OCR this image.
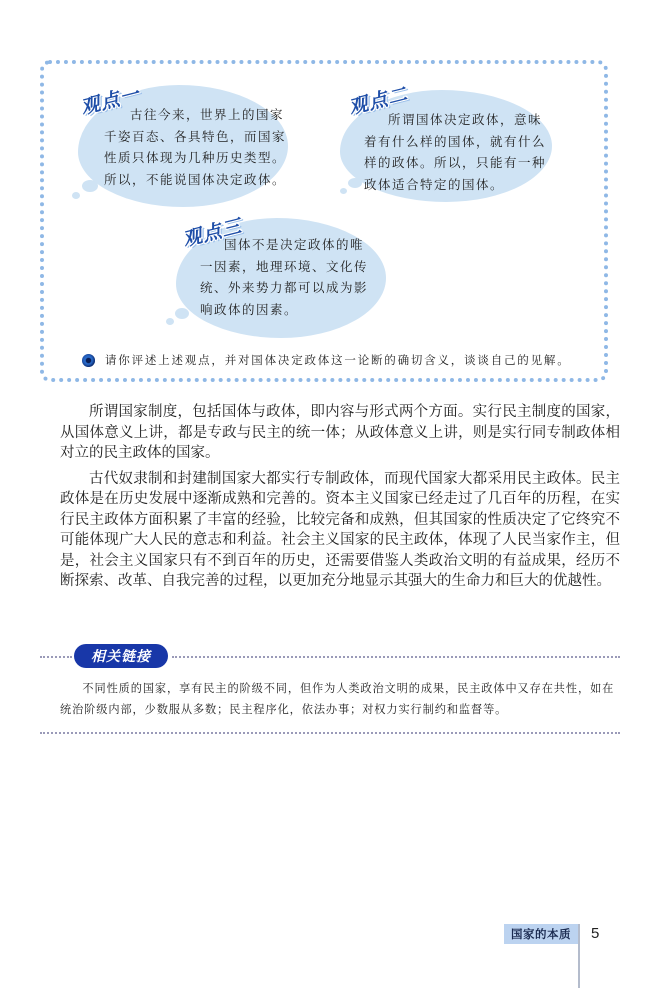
观点一
古往今来，世界上的国家
千姿百态、各具特色，而国家
性质只体现为几种历史类型。
所以，不能说国体决定政体。
观点二
所谓国体决定政体，意味
着有什么样的国体，就有什么
样的政体。所以，只能有一种
政体适合特定的国体。
观点三
国体不是决定政体的唯
一因素，地理环境、文化传
统、外来势力都可以成为影
响政体的因素。
请你评述上述观点，并对国体决定政体这一论断的确切含义，谈谈自己的见解。

所谓国家制度，包括国体与政体，即内容与形式两个方面。实行民主制度的国家，从国体意义上讲，都是专政与民主的统一体；从政体意义上讲，则是实行同专制政体相对立的民主政体的国家。

古代奴隶制和封建制国家大都实行专制政体，而现代国家大都采用民主政体。民主政体是在历史发展中逐渐成熟和完善的。资本主义国家已经走过了几百年的历程，在实行民主政体方面积累了丰富的经验，比较完备和成熟，但其国家的性质决定了它终究不可能体现广大人民的意志和利益。社会主义国家的民主政体，体现了人民当家作主，但是，社会主义国家只有不到百年的历史，还需要借鉴人类政治文明的有益成果，经历不断探索、改革、自我完善的过程，以更加充分地显示其强大的生命力和巨大的优越性。

相关链接

不同性质的国家，享有民主的阶级不同，但作为人类政治文明的成果，民主政体中又存在共性，如在统治阶级内部，少数服从多数；民主程序化，依法办事；对权力实行制约和监督等。

国家的本质	5
